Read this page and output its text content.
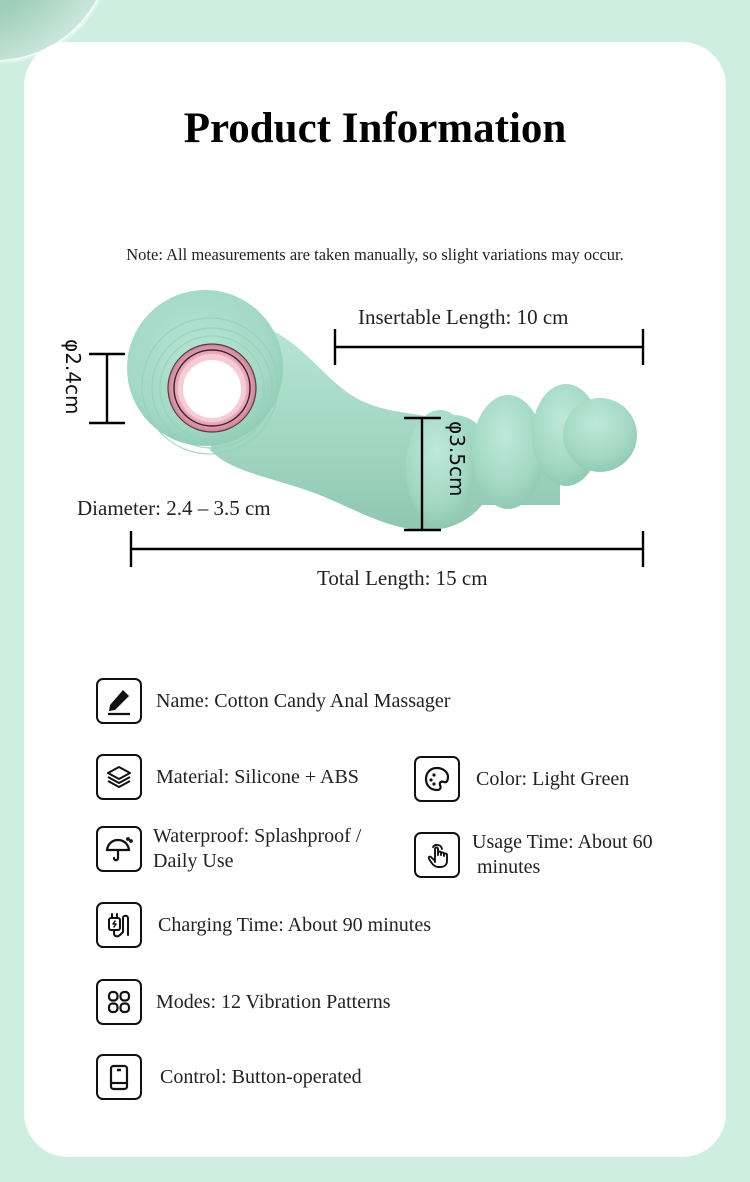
Product Information
Note: All measurements are taken manually, so slight variations may occur.
φ2.4cm
φ3.5cm
Insertable Length: 10 cm
Diameter: 2.4 – 3.5 cm
Total Length: 15 cm
Name: Cotton Candy Anal Massager
Material: Silicone + ABS	Color: Light Green
Waterproof: Splashproof /
Daily Use
Usage Time: About 60
minutes
Charging Time: About 90 minutes
Modes: 12 Vibration Patterns
Control: Button-operated
